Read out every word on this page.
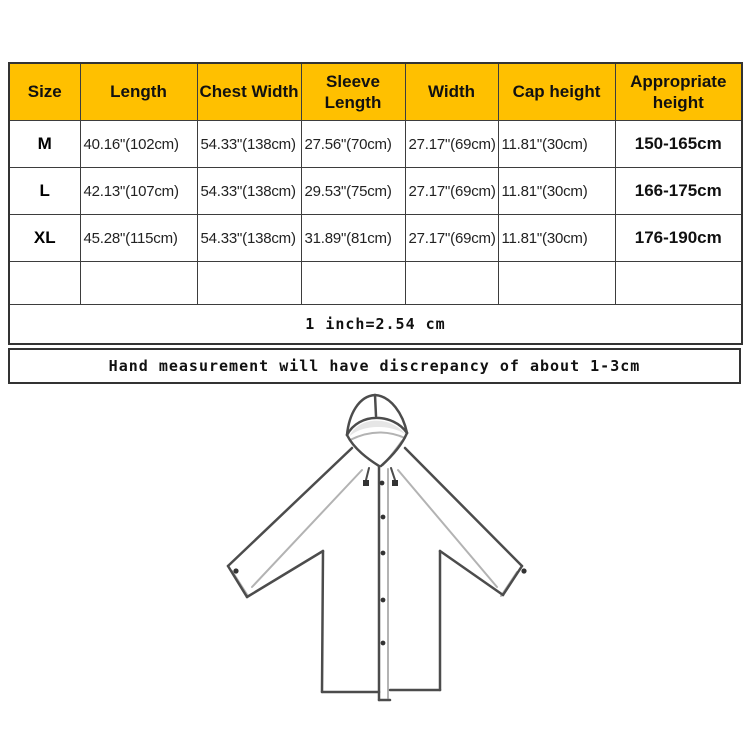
Size	Length	Chest Width	Sleeve Length	Width	Cap height	Appropriate height
M	40.16"(102cm)	54.33"(138cm)	27.56"(70cm)	27.17"(69cm)	11.81"(30cm)	150-165cm
L	42.13"(107cm)	54.33"(138cm)	29.53"(75cm)	27.17"(69cm)	11.81"(30cm)	166-175cm
XL	45.28"(115cm)	54.33"(138cm)	31.89"(81cm)	27.17"(69cm)	11.81"(30cm)	176-190cm

1 inch=2.54 cm						
Hand measurement will have discrepancy of about 1-3cm
